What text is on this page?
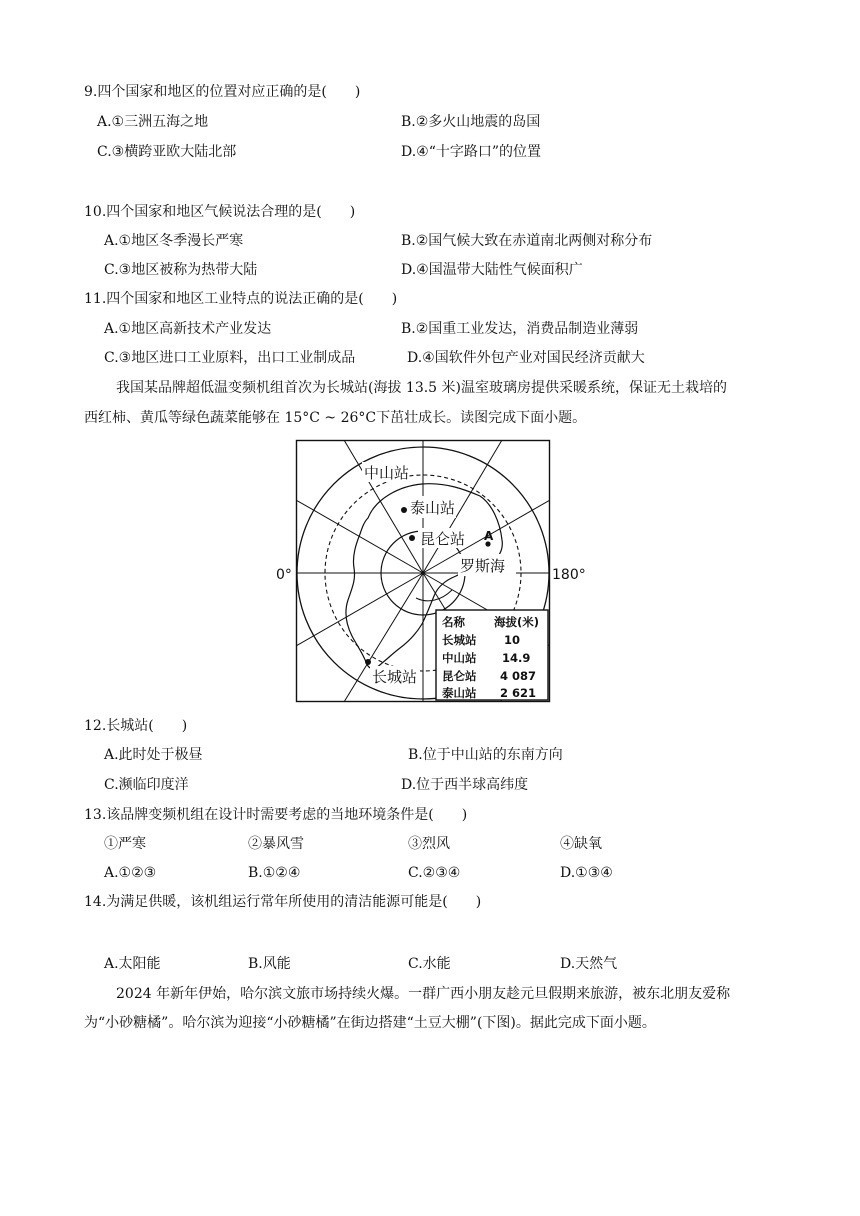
9.四个国家和地区的位置对应正确的是(　　)
A.①三洲五海之地	B.②多火山地震的岛国
C.③横跨亚欧大陆北部	D.④“十字路口”的位置
10.四个国家和地区气候说法合理的是(　　)
A.①地区冬季漫长严寒	B.②国气候大致在赤道南北两侧对称分布
C.③地区被称为热带大陆	D.④国温带大陆性气候面积广
11.四个国家和地区工业特点的说法正确的是(　　)
A.①地区高新技术产业发达	B.②国重工业发达，消费品制造业薄弱
C.③地区进口工业原料，出口工业制成品	D.④国软件外包产业对国民经济贡献大
我国某品牌超低温变频机组首次为长城站(海拔 13.5 米)温室玻璃房提供采暖系统，保证无土栽培的
西红柿、黄瓜等绿色蔬菜能够在 15°C ~ 26°C下茁壮成长。读图完成下面小题。
0°	180°
中山站
泰山站
昆仑站 A
罗斯海
长城站
名称	海拔(米)
长城站 10
中山站 14.9
昆仑站 4 087
泰山站 2 621
12.长城站(　　)
A.此时处于极昼	B.位于中山站的东南方向
C.濒临印度洋	D.位于西半球高纬度
13.该品牌变频机组在设计时需要考虑的当地环境条件是(　　)
①严寒	②暴风雪	③烈风	④缺氧
A.①②③	B.①②④	C.②③④	D.①③④
14.为满足供暖，该机组运行常年所使用的清洁能源可能是(　　)
A.太阳能	B.风能	C.水能	D.天然气
2024 年新年伊始，哈尔滨文旅市场持续火爆。一群广西小朋友趁元旦假期来旅游，被东北朋友爱称
为“小砂糖橘”。哈尔滨为迎接“小砂糖橘”在街边搭建“土豆大棚”(下图)。据此完成下面小题。
